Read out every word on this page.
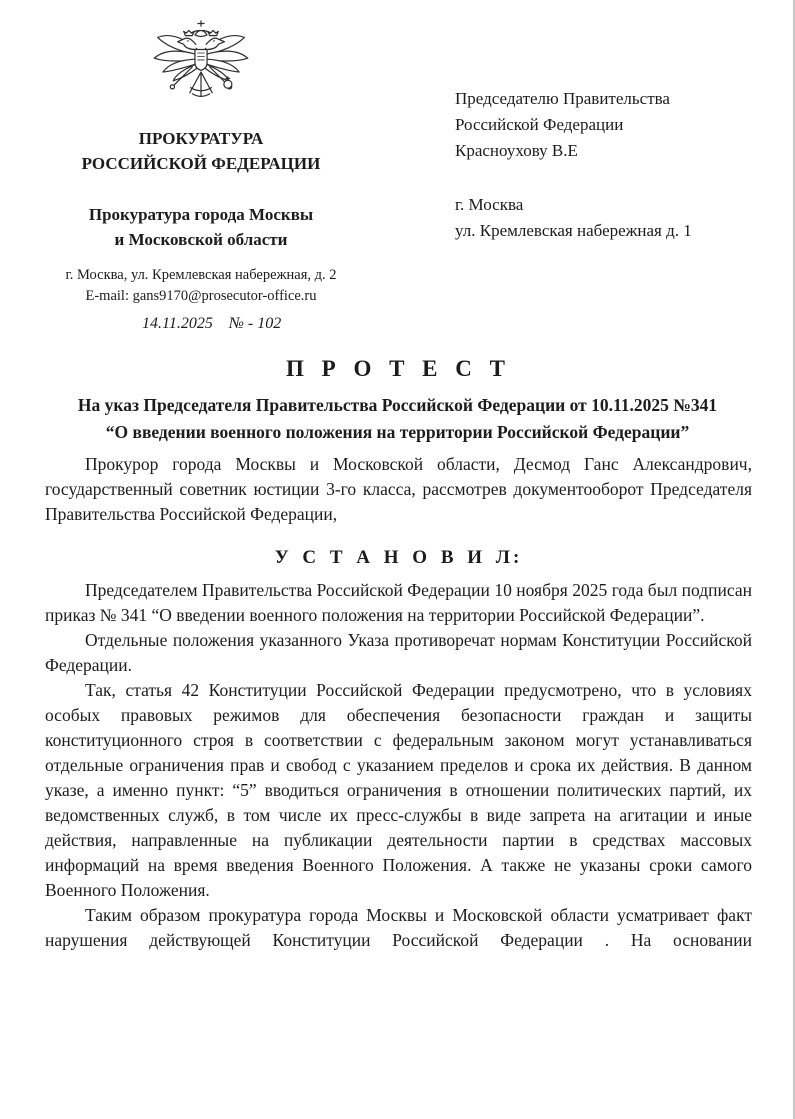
ПРОКУРАТУРА
РОССИЙСКОЙ ФЕДЕРАЦИИ
Прокуратура города Москвы
и Московской области
г. Москва, ул. Кремлевская набережная, д. 2
E-mail: gans9170@prosecutor-office.ru
14.11.2025    № - 102
Председателю Правительства
Российской Федерации
Красноухову В.Е
г. Москва
ул. Кремлевская набережная д. 1
П Р О Т Е С Т
На указ Председателя Правительства Российской Федерации от 10.11.2025 №341
“О введении военного положения на территории Российской Федерации”

Прокурор города Москвы и Московской области, Десмод Ганс Александрович, государственный советник юстиции 3-го класса, рассмотрев документооборот Председателя Правительства Российской Федерации,

У С Т А Н О В И Л:

Председателем Правительства Российской Федерации 10 ноября 2025 года был подписан приказ № 341 “О введении военного положения на территории Российской Федерации”.

Отдельные положения указанного Указа противоречат нормам Конституции Российской Федерации.

Так, статья 42 Конституции Российской Федерации предусмотрено, что в условиях особых правовых режимов для обеспечения безопасности граждан и защиты конституционного строя в соответствии с федеральным законом могут устанавливаться отдельные ограничения прав и свобод с указанием пределов и срока их действия. В данном указе, а именно пункт: “5” вводиться ограничения в отношении политических партий, их ведомственных служб, в том числе их пресс-службы в виде запрета на агитации и иные действия, направленные на публикации деятельности партии в средствах массовых информаций на время введения Военного Положения. А также не указаны сроки самого Военного Положения.

Таким образом прокуратура города Москвы и Московской области усматривает факт нарушения действующей Конституции Российской Федерации . На основании
